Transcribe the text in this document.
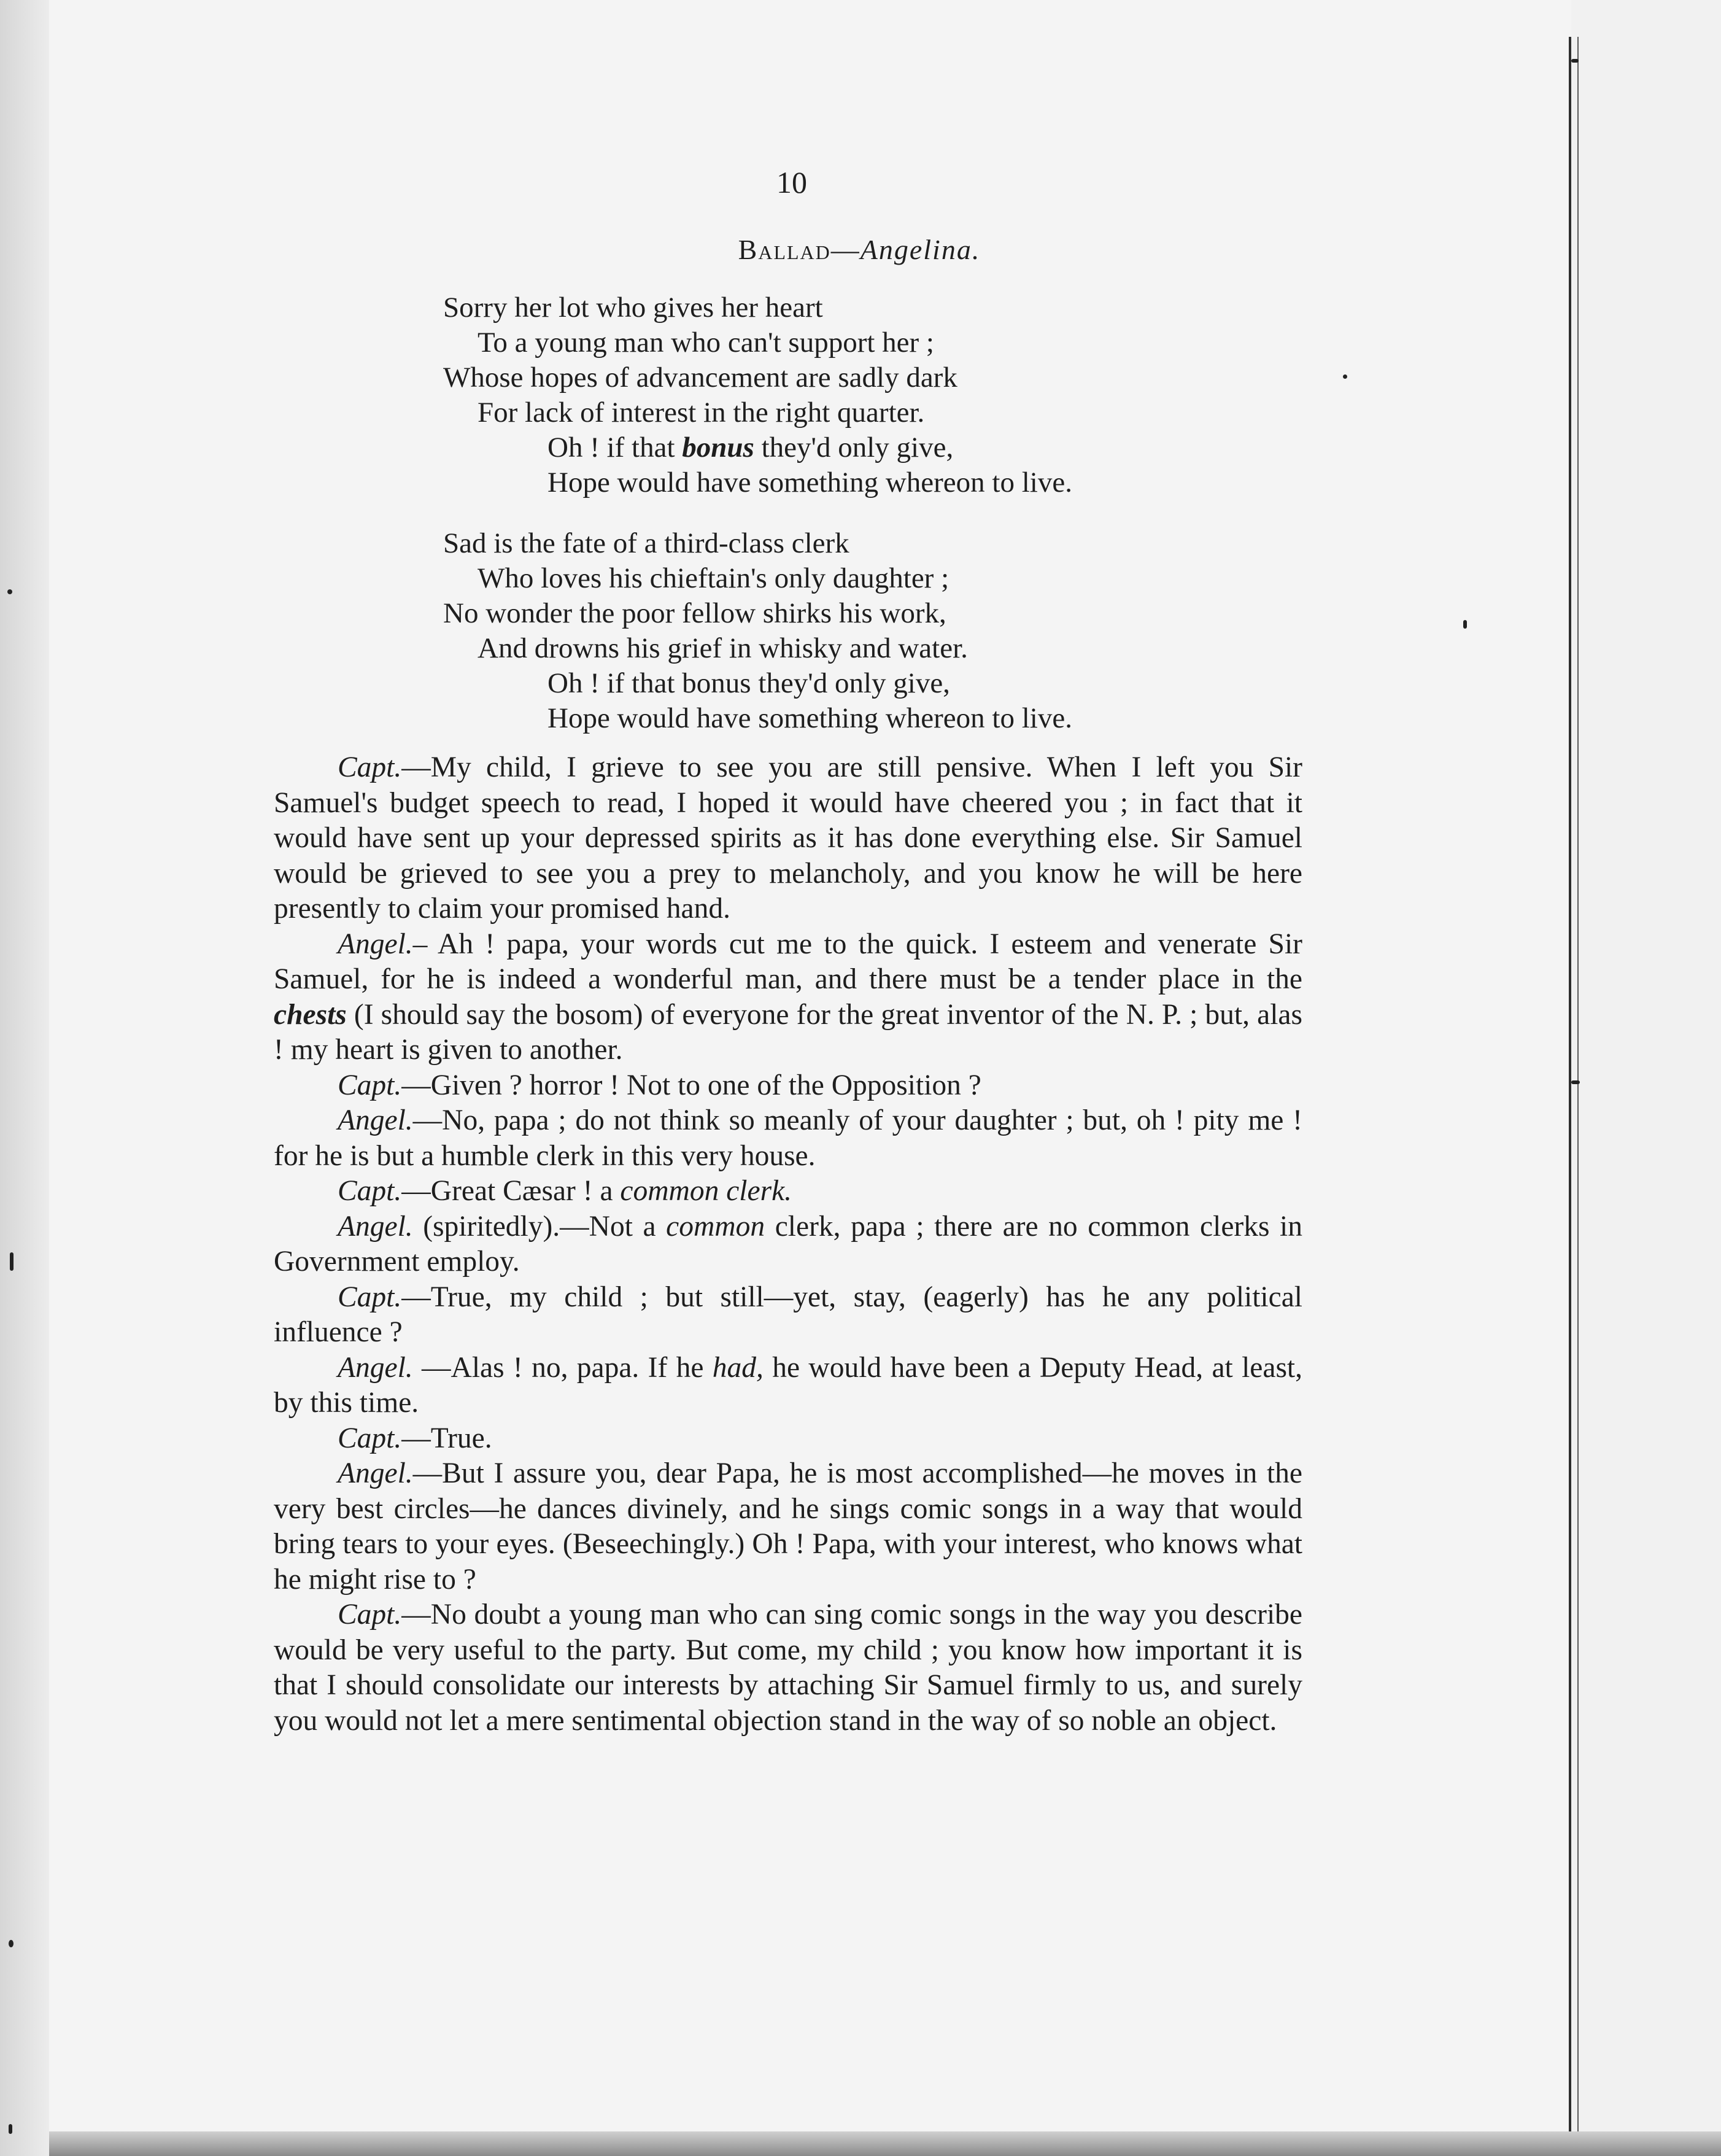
10
Ballad—Angelina.
Sorry her lot who gives her heart
To a young man who can't support her ;
Whose hopes of advancement are sadly dark
For lack of interest in the right quarter.
Oh ! if that bonus they'd only give,
Hope would have something whereon to live.
Sad is the fate of a third-class clerk
Who loves his chieftain's only daughter ;
No wonder the poor fellow shirks his work,
And drowns his grief in whisky and water.
Oh ! if that bonus they'd only give,
Hope would have something whereon to live.

Capt.—My child, I grieve to see you are still pensive. When I left you Sir Samuel's budget speech to read, I hoped it would have cheered you ; in fact that it would have sent up your depressed spirits as it has done everything else. Sir Samuel would be grieved to see you a prey to melancholy, and you know he will be here presently to claim your promised hand.

Angel.– Ah ! papa, your words cut me to the quick. I esteem and venerate Sir Samuel, for he is indeed a wonderful man, and there must be a tender place in the chests (I should say the bosom) of everyone for the great inventor of the N. P. ; but, alas ! my heart is given to another.

Capt.—Given ? horror ! Not to one of the Opposition ?

Angel.—No, papa ; do not think so meanly of your daughter ; but, oh ! pity me ! for he is but a humble clerk in this very house.

Capt.—Great Cæsar ! a common clerk.

Angel. (spiritedly).—Not a common clerk, papa ; there are no common clerks in Government employ.

Capt.—True, my child ; but still—yet, stay, (eagerly) has he any political influence ?

Angel. —Alas ! no, papa. If he had, he would have been a Deputy Head, at least, by this time.

Capt.—True.

Angel.—But I assure you, dear Papa, he is most accomplished—he moves in the very best circles—he dances divinely, and he sings comic songs in a way that would bring tears to your eyes. (Beseechingly.) Oh ! Papa, with your interest, who knows what he might rise to ?

Capt.—No doubt a young man who can sing comic songs in the way you describe would be very useful to the party. But come, my child ; you know how important it is that I should consolidate our interests by attaching Sir Samuel firmly to us, and surely you would not let a mere sentimental objection stand in the way of so noble an object.
